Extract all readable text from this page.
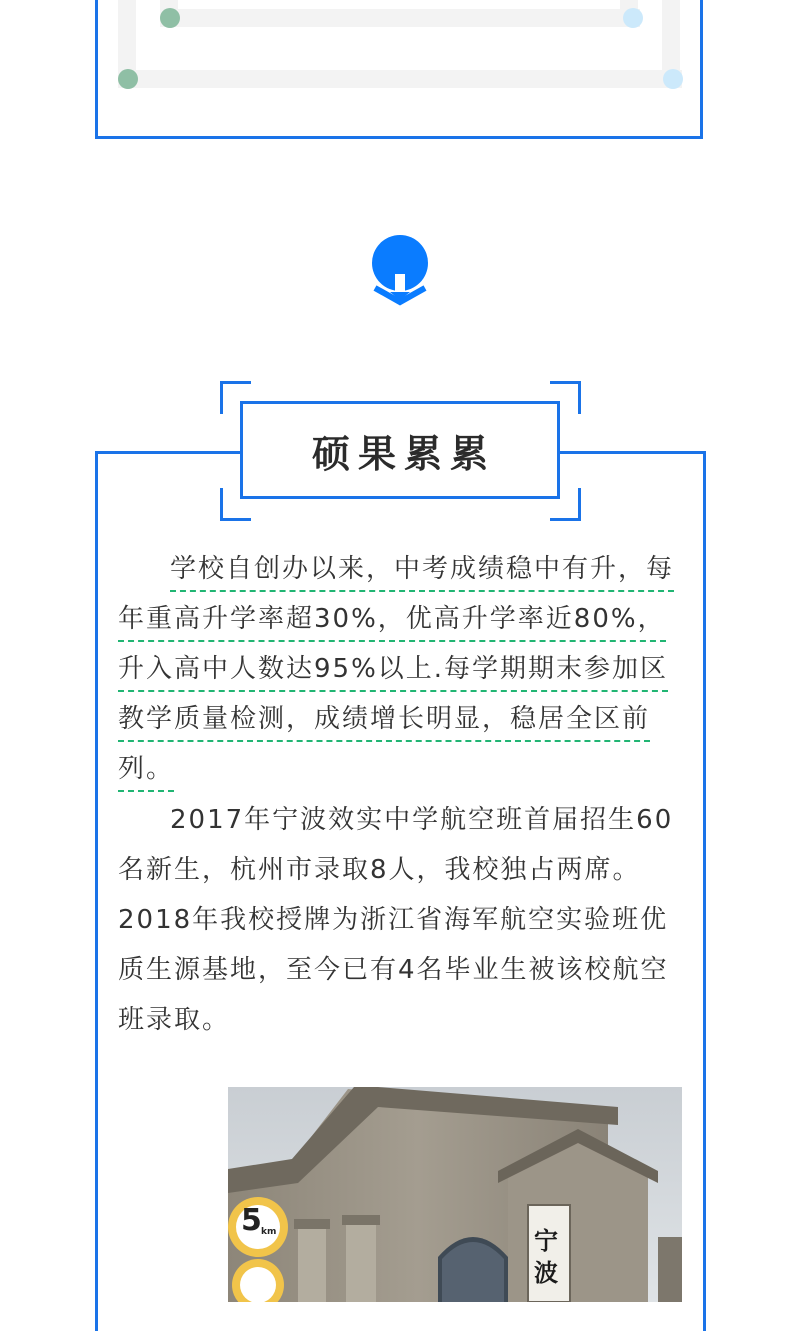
硕果累累

学校自创办以来，中考成绩稳中有升，每年重高升学率超30%，优高升学率近80%，升入高中人数达95%以上.每学期期末参加区教学质量检测，成绩增长明显，稳居全区前列。

2017年宁波效实中学航空班首届招生60名新生，杭州市录取8人，我校独占两席。2018年我校授牌为浙江省海军航空实验班优质生源基地，至今已有4名毕业生被该校航空班录取。

5 km	宁波
